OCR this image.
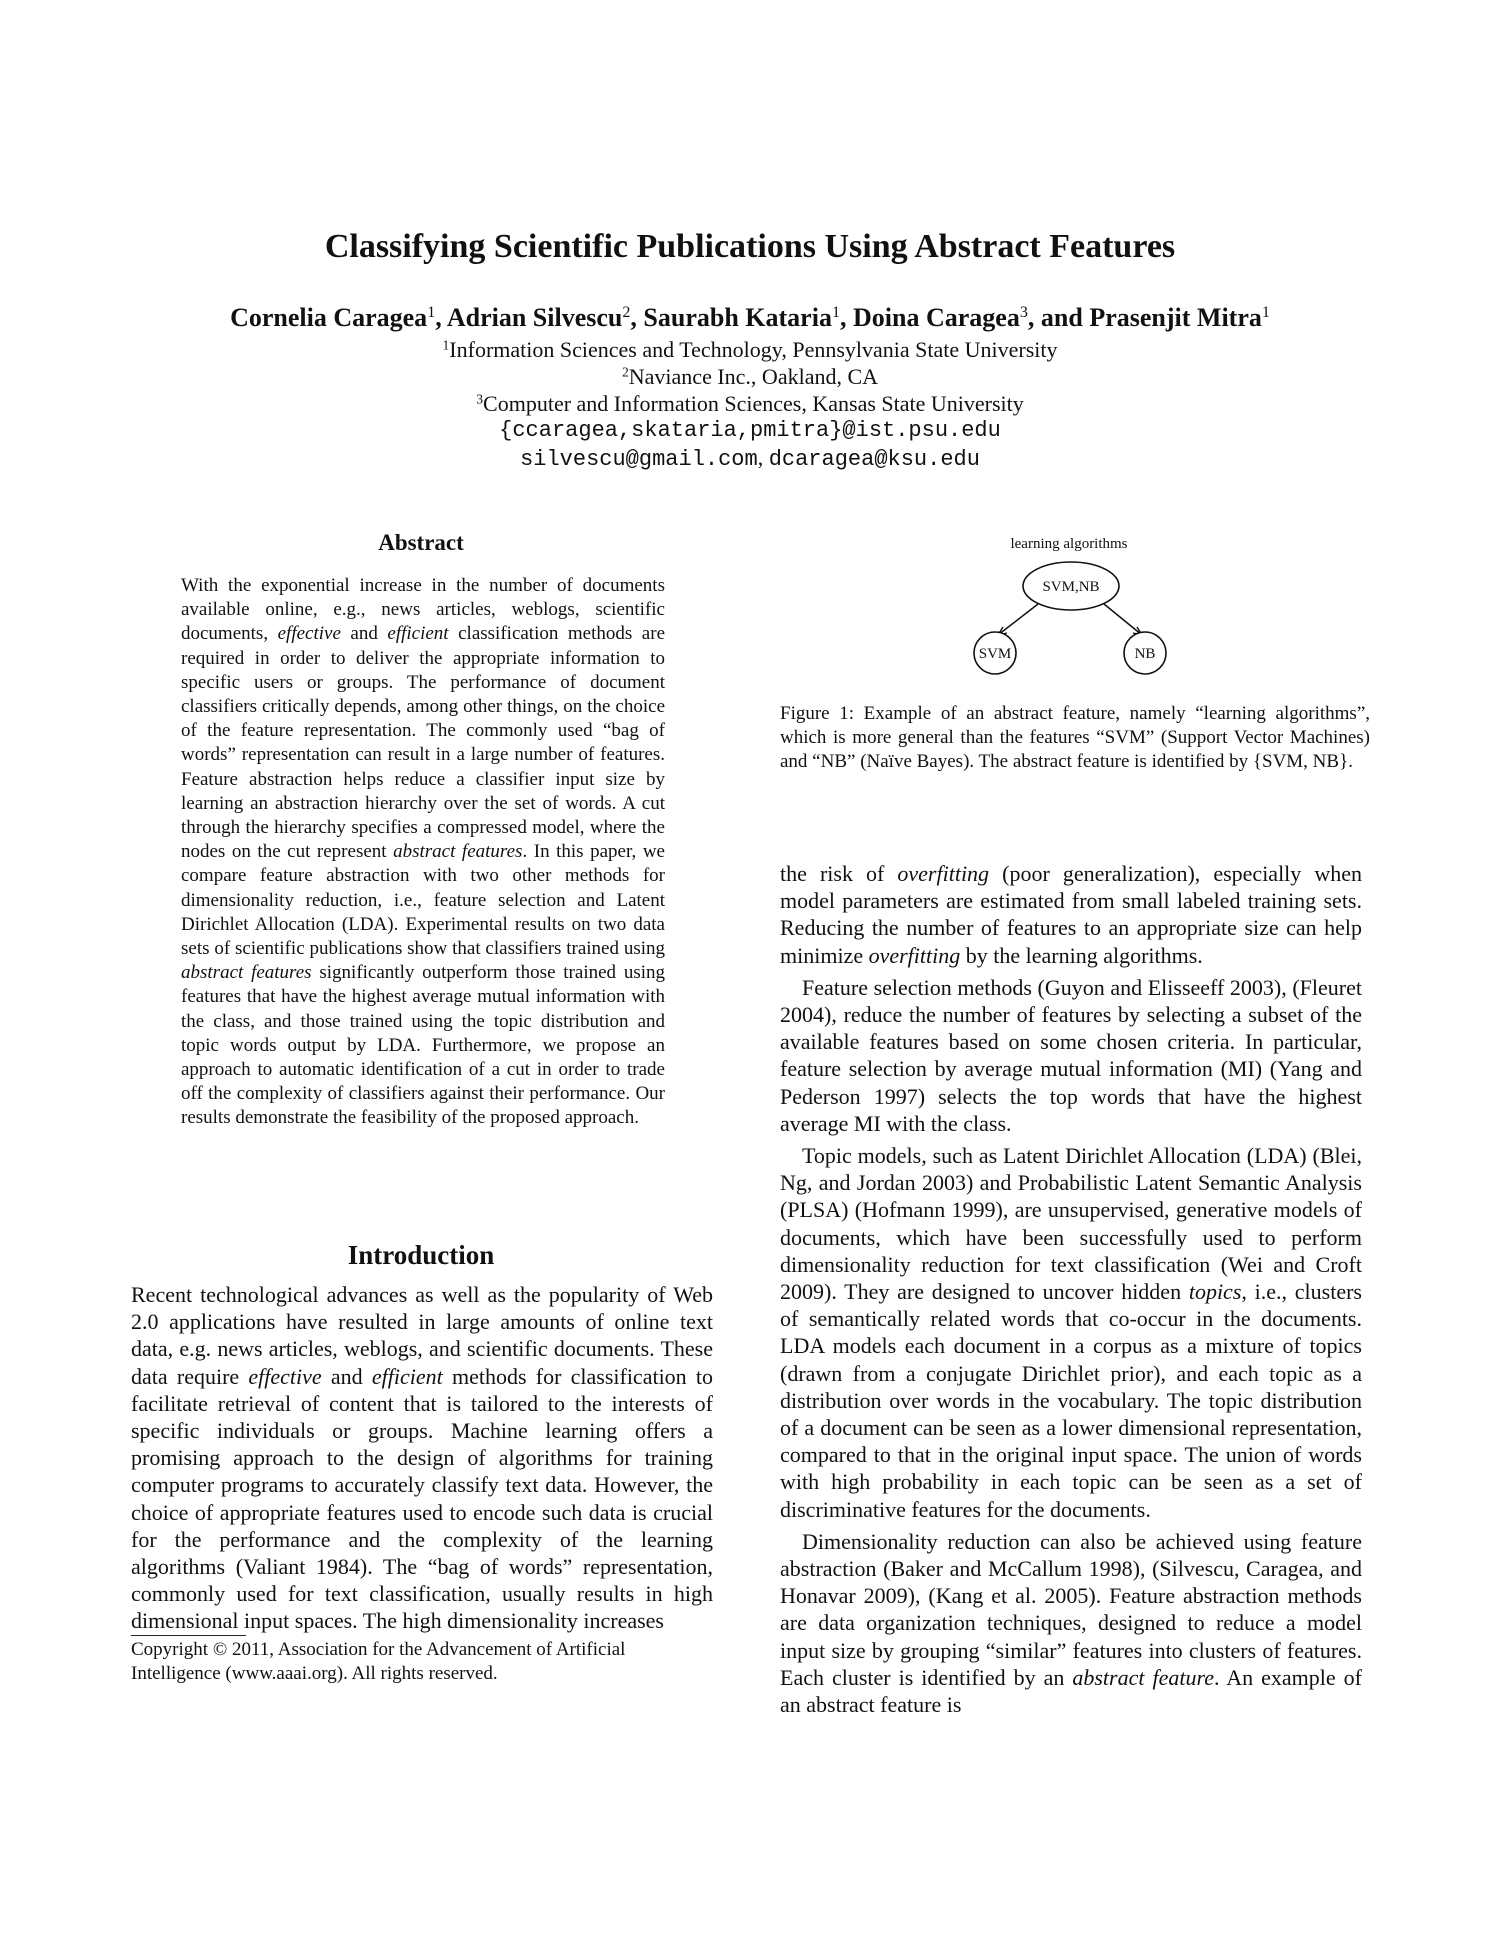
Classifying Scientific Publications Using Abstract Features
Cornelia Caragea$^1$, Adrian Silvescu$^2$, Saurabh Kataria$^1$, Doina Caragea$^3$, and Prasenjit Mitra$^1$
$^1$Information Sciences and Technology, Pennsylvania State University
$^2$Naviance Inc., Oakland, CA
$^3$Computer and Information Sciences, Kansas State University
{ccaragea,skataria,pmitra}@ist.psu.edu
silvescu@gmail.com, dcaragea@ksu.edu
Abstract

With the exponential increase in the number of documents available online, e.g., news articles, weblogs, scientific documents, effective and efficient classification methods are required in order to deliver the appropriate information to specific users or groups. The performance of document classifiers critically depends, among other things, on the choice of the feature representation. The commonly used “bag of words” representation can result in a large number of features. Feature abstraction helps reduce a classifier input size by learning an abstraction hierarchy over the set of words. A cut through the hierarchy specifies a compressed model, where the nodes on the cut represent abstract features. In this paper, we compare feature abstraction with two other methods for dimensionality reduction, i.e., feature selection and Latent Dirichlet Allocation (LDA). Experimental results on two data sets of scientific publications show that classifiers trained using abstract features significantly outperform those trained using features that have the highest average mutual information with the class, and those trained using the topic distribution and topic words output by LDA. Furthermore, we propose an approach to automatic identification of a cut in order to trade off the complexity of classifiers against their performance. Our results demonstrate the feasibility of the proposed approach.

Introduction

Recent technological advances as well as the popularity of Web 2.0 applications have resulted in large amounts of online text data, e.g. news articles, weblogs, and scientific documents. These data require effective and efficient methods for classification to facilitate retrieval of content that is tailored to the interests of specific individuals or groups. Machine learning offers a promising approach to the design of algorithms for training computer programs to accurately classify text data. However, the choice of appropriate features used to encode such data is crucial for the performance and the complexity of the learning algorithms (Valiant 1984). The “bag of words” representation, commonly used for text classification, usually results in high dimensional input spaces. The high dimensionality increases

Copyright © 2011, Association for the Advancement of Artificial Intelligence (www.aaai.org). All rights reserved.
learning algorithms
SVM,NB
SVM	NB

Figure 1: Example of an abstract feature, namely “learning algorithms”, which is more general than the features “SVM” (Support Vector Machines) and “NB” (Naïve Bayes). The abstract feature is identified by {SVM, NB}.

the risk of overfitting (poor generalization), especially when model parameters are estimated from small labeled training sets. Reducing the number of features to an appropriate size can help minimize overfitting by the learning algorithms.
Feature selection methods (Guyon and Elisseeff 2003), (Fleuret 2004), reduce the number of features by selecting a subset of the available features based on some chosen criteria. In particular, feature selection by average mutual information (MI) (Yang and Pederson 1997) selects the top words that have the highest average MI with the class.
Topic models, such as Latent Dirichlet Allocation (LDA) (Blei, Ng, and Jordan 2003) and Probabilistic Latent Semantic Analysis (PLSA) (Hofmann 1999), are unsupervised, generative models of documents, which have been successfully used to perform dimensionality reduction for text classification (Wei and Croft 2009). They are designed to uncover hidden topics, i.e., clusters of semantically related words that co-occur in the documents. LDA models each document in a corpus as a mixture of topics (drawn from a conjugate Dirichlet prior), and each topic as a distribution over words in the vocabulary. The topic distribution of a document can be seen as a lower dimensional representation, compared to that in the original input space. The union of words with high probability in each topic can be seen as a set of discriminative features for the documents.
Dimensionality reduction can also be achieved using feature abstraction (Baker and McCallum 1998), (Silvescu, Caragea, and Honavar 2009), (Kang et al. 2005). Feature abstraction methods are data organization techniques, designed to reduce a model input size by grouping “similar” features into clusters of features. Each cluster is identified by an abstract feature. An example of an abstract feature is
